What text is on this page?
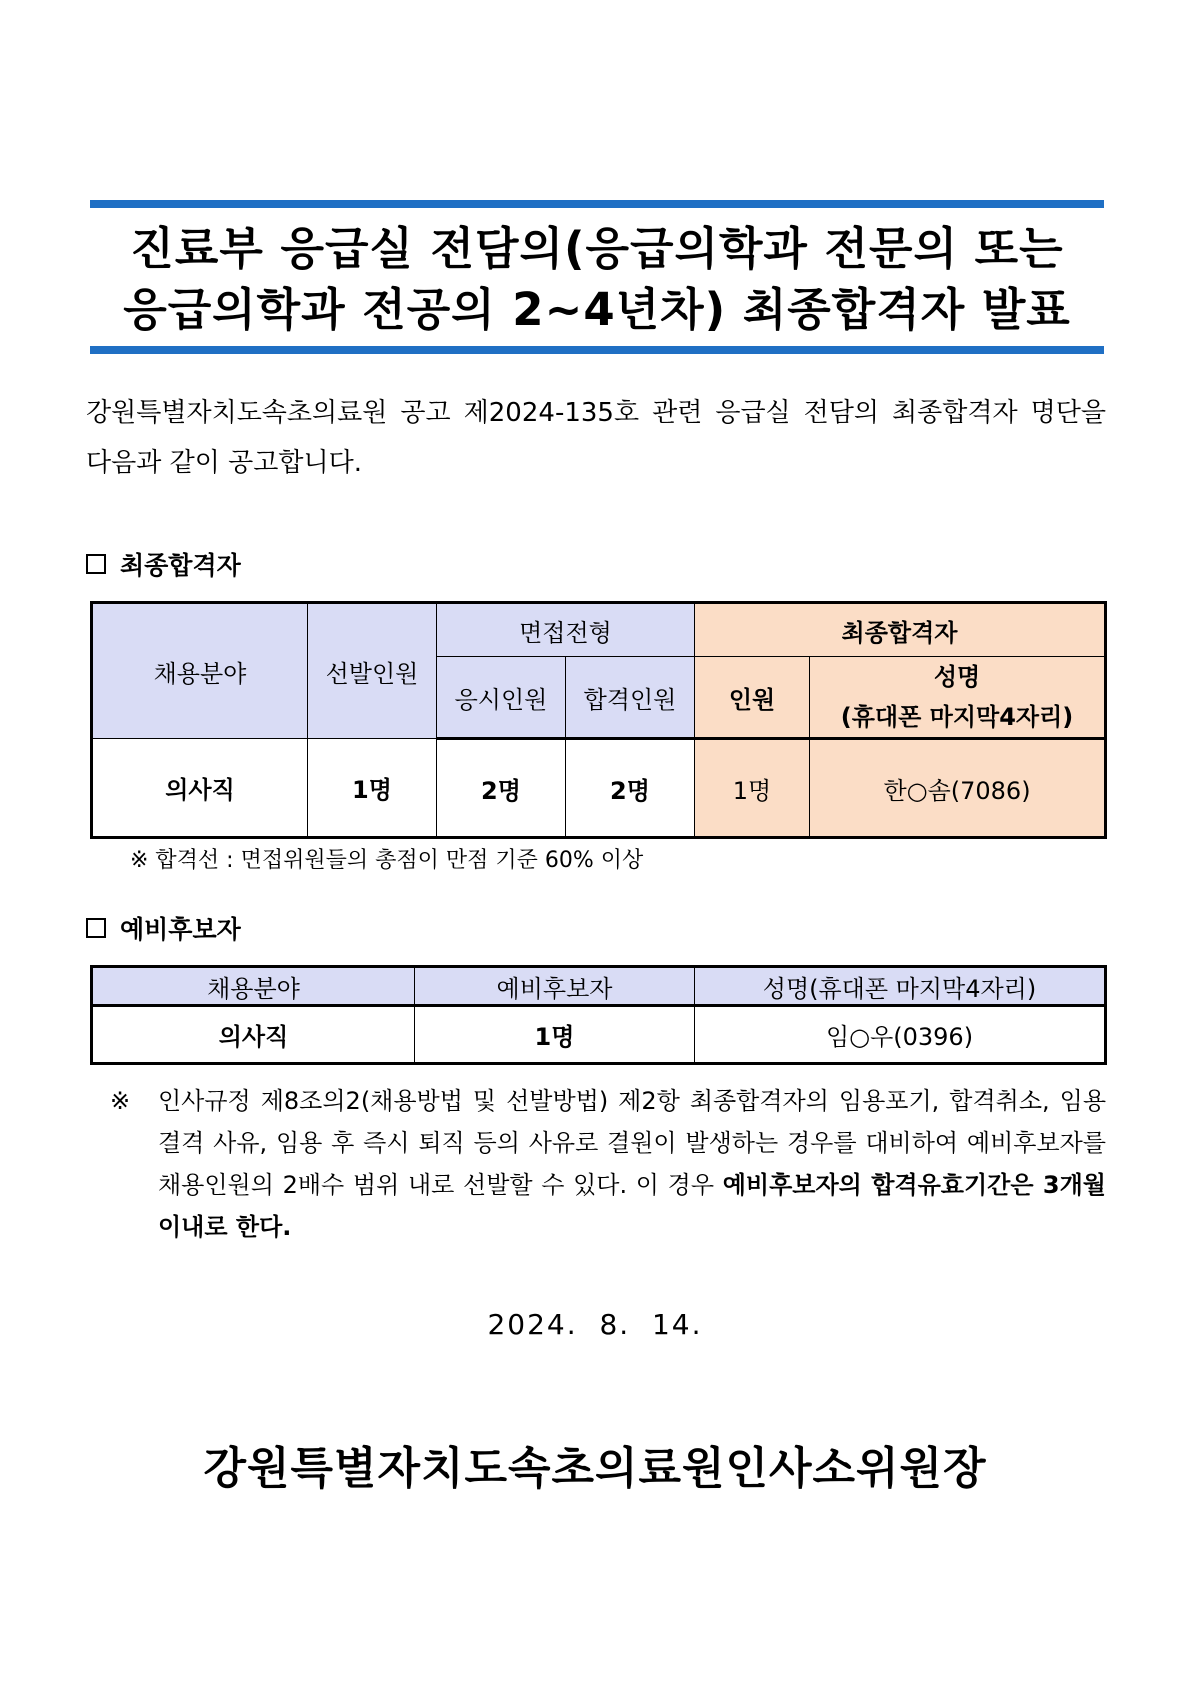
진료부 응급실 전담의(응급의학과 전문의 또는
응급의학과 전공의 2~4년차) 최종합격자 발표
강원특별자치도속초의료원 공고 제2024-135호 관련 응급실 전담의 최종합격자 명단을 다음과 같이 공고합니다.
최종합격자
채용분야	선발인원	면접전형		최종합격자	
		응시인원	합격인원	인원	성명
(휴대폰 마지막4자리)

의사직	1명	2명	2명	1명	한○솜(7086)
※ 합격선 : 면접위원들의 총점이 만점 기준 60% 이상
예비후보자
채용분야	예비후보자	성명(휴대폰 마지막4자리)
의사직	1명	임○우(0396)
※ 인사규정 제8조의2(채용방법 및 선발방법) 제2항 최종합격자의 임용포기, 합격취소, 임용결격 사유, 임용 후 즉시 퇴직 등의 사유로 결원이 발생하는 경우를 대비하여 예비후보자를 채용인원의 2배수 범위 내로 선발할 수 있다. 이 경우 예비후보자의 합격유효기간은 3개월 이내로 한다.
2024.  8.  14.
강원특별자치도속초의료원인사소위원장
